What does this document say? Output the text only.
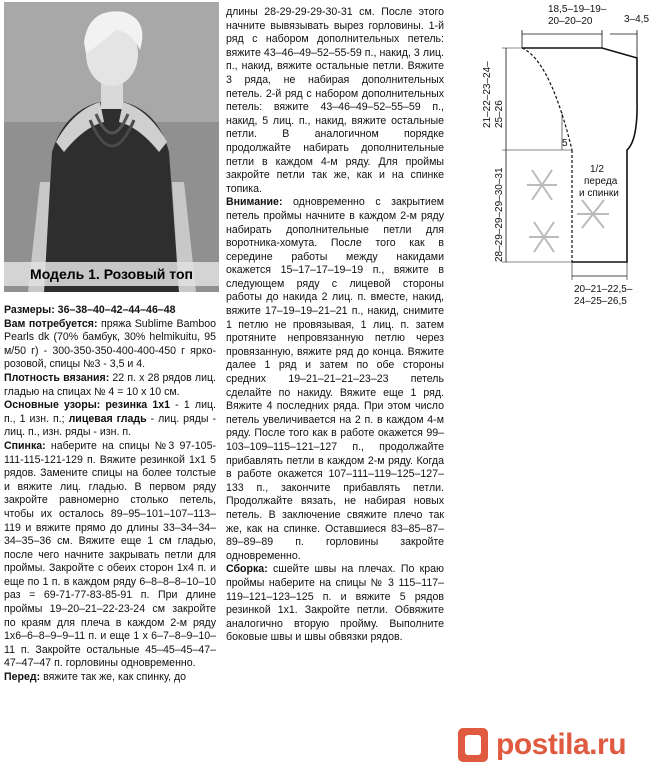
Модель 1. Розовый топ

Размеры: 36–38–40–42–44–46–48

Вам потребуется: пряжа Sublime Bamboo Pearls dk (70% бамбук, 30% helmikuitu, 95 м/50 г) - 300-350-350-400-400-450 г ярко-розовой, спицы №3 - 3,5 и 4.

Плотность вязания: 22 п. х 28 рядов лиц. гладью на спицах № 4 = 10 х 10 см.

Основные узоры: резинка 1х1 - 1 лиц. п., 1 изн. п.; лицевая гладь - лиц. ряды - лиц. п., изн. ряды - изн. п.

Спинка: наберите на спицы №3 97-105-111-115-121-129 п. Вяжите резинкой 1х1 5 рядов. Замените спицы на более толстые и вяжите лиц. гладью. В первом ряду закройте равномерно столько петель, чтобы их осталось 89–95–101–107–113–119 и вяжите прямо до длины 33–34–34–34–35–36 см. Вяжите еще 1 см гладью, после чего начните закрывать петли для проймы. Закройте с обеих сторон 1х4 п. и еще по 1 п. в каждом ряду 6–8–8–8–10–10 раз = 69-71-77-83-85-91 п. При длине проймы 19–20–21–22-23-24 см закройте по краям для плеча в каждом 2-м ряду 1х6–6–8–9–9–11 п. и еще 1 х 6–7–8–9–10–11 п. Закройте остальные 45–45–45–47–47–47–47 п. горловины одновременно.

Перед: вяжите так же, как спинку, до

длины 28-29-29-29-30-31 см. После этого начните вывязывать вырез горловины. 1-й ряд с набором дополнительных петель: вяжите 43–46–49–52–55-59 п., накид, 3 лиц. п., накид, вяжите остальные петли. Вяжите 3 ряда, не набирая дополнительных петель. 2-й ряд с набором дополнительных петель: вяжите 43–46–49–52–55–59 п., накид, 5 лиц. п., накид, вяжите остальные петли. В аналогичном порядке продолжайте набирать дополнительные петли в каждом 4-м ряду. Для проймы закройте петли так же, как и на спинке топика.

Внимание: одновременно с закрытием петель проймы начните в каждом 2-м ряду набирать дополнительные петли для воротника-хомута. После того как в середине работы между накидами окажется 15–17–17–19–19 п., вяжите в следующем ряду с лицевой стороны работы до накида 2 лиц. п. вместе, накид, вяжите 17–19–19–21–21 п., накид, снимите 1 петлю не провязывая, 1 лиц. п. затем протяните непровязанную петлю через провязанную, вяжите ряд до конца. Вяжите далее 1 ряд и затем по обе стороны средних 19–21–21–21–23–23 петель сделайте по накиду. Вяжите еще 1 ряд. Вяжите 4 последних ряда. При этом число петель увеличивается на 2 п. в каждом 4-м ряду. После того как в работе окажется 99–103–109–115–121–127 п., продолжайте прибавлять петли в каждом 2-м ряду. Когда в работе окажется 107–111–119–125–127–133 п., закончите прибавлять петли. Продолжайте вязать, не набирая новых петель. В заключение свяжите плечо так же, как на спинке. Оставшиеся 83–85–87–89–89–89 п. горловины закройте одновременно.

Сборка: сшейте швы на плечах. По краю проймы наберите на спицы № 3 115–117–119–121–123–125 п. и вяжите 5 рядов резинкой 1х1. Закройте петли. Обвяжите аналогично вторую пройму. Выполните боковые швы и швы обвязки рядов.

18,5–19–19–
20–20–20	3–4,5
5
1/2
переда
и спинки
20–21–22,5–
24–25–26,5
21–22–23–24– 25–26
28–29–29–29–30–31
postila.ru
